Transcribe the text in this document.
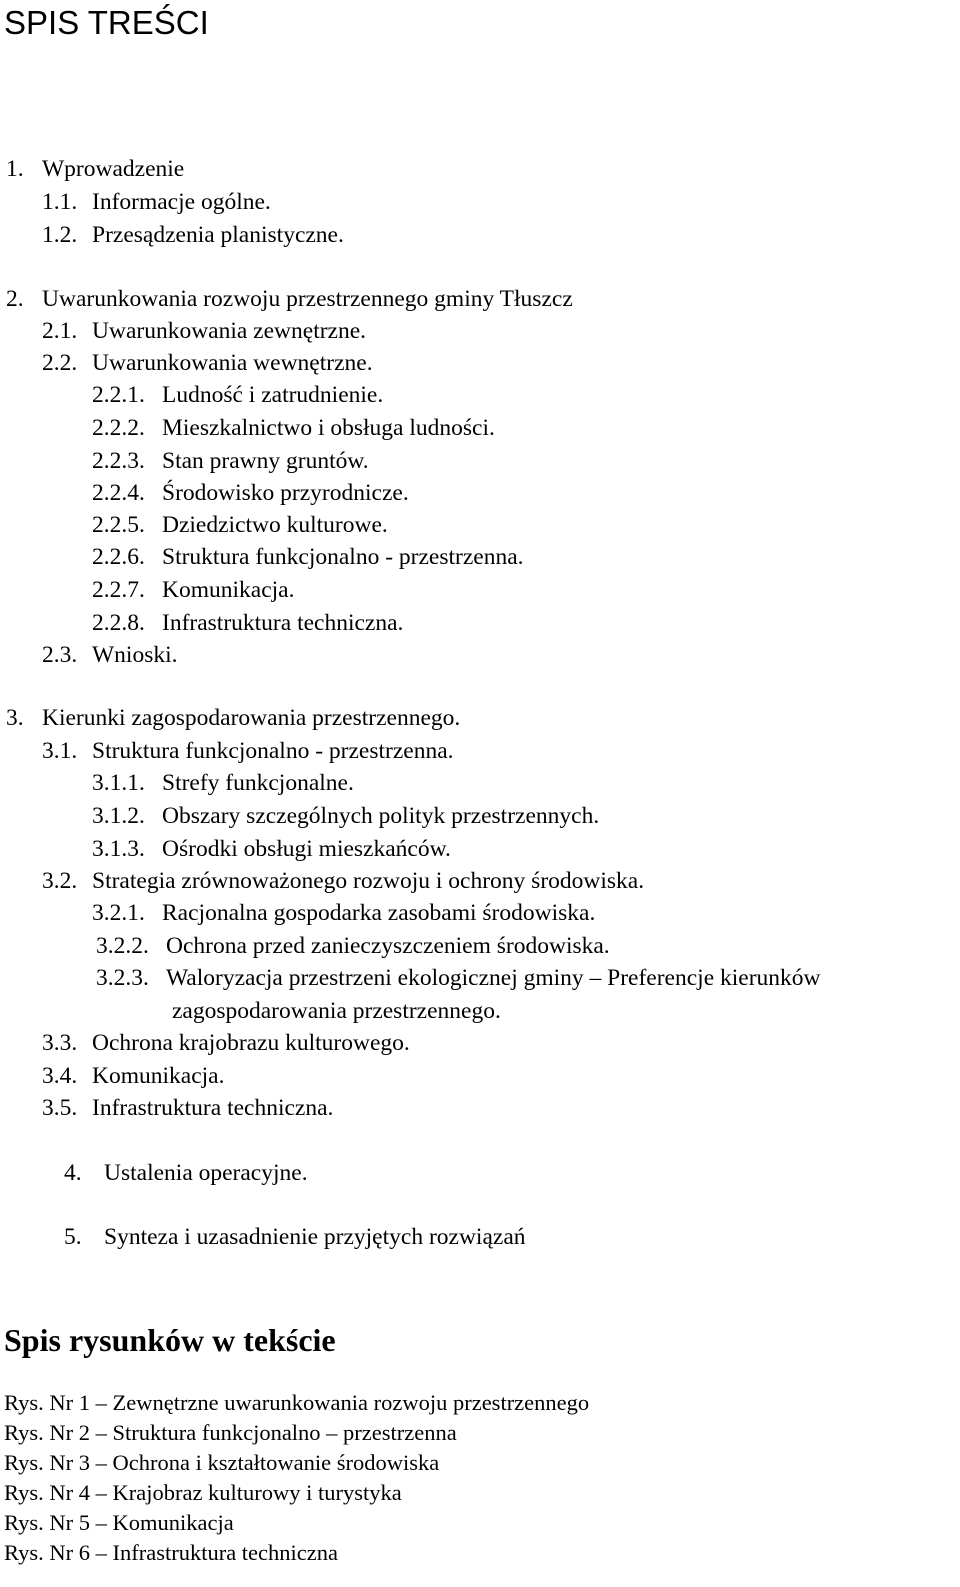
SPIS TREŚCI
1. Wprowadzenie
1.1. Informacje ogólne.
1.2. Przesądzenia planistyczne.
2. Uwarunkowania rozwoju przestrzennego gminy Tłuszcz
2.1. Uwarunkowania zewnętrzne.
2.2. Uwarunkowania wewnętrzne.
2.2.1. Ludność i zatrudnienie.
2.2.2. Mieszkalnictwo i obsługa ludności.
2.2.3. Stan prawny gruntów.
2.2.4. Środowisko przyrodnicze.
2.2.5. Dziedzictwo kulturowe.
2.2.6. Struktura funkcjonalno - przestrzenna.
2.2.7. Komunikacja.
2.2.8. Infrastruktura techniczna.
2.3. Wnioski.
3. Kierunki zagospodarowania przestrzennego.
3.1. Struktura funkcjonalno - przestrzenna.
3.1.1. Strefy funkcjonalne.
3.1.2. Obszary szczególnych polityk przestrzennych.
3.1.3. Ośrodki obsługi mieszkańców.
3.2. Strategia zrównoważonego rozwoju i ochrony środowiska.
3.2.1. Racjonalna gospodarka zasobami środowiska.
3.2.2. Ochrona przed zanieczyszczeniem środowiska.
3.2.3. Waloryzacja przestrzeni ekologicznej gminy – Preferencje kierunków
zagospodarowania przestrzennego.
3.3. Ochrona krajobrazu kulturowego.
3.4. Komunikacja.
3.5. Infrastruktura techniczna.
4. Ustalenia operacyjne.
5. Synteza i uzasadnienie przyjętych rozwiązań
Spis rysunków w tekście
Rys. Nr 1 – Zewnętrzne uwarunkowania rozwoju przestrzennego
Rys. Nr 2 – Struktura funkcjonalno – przestrzenna
Rys. Nr 3 – Ochrona i kształtowanie środowiska
Rys. Nr 4 – Krajobraz kulturowy i turystyka
Rys. Nr 5 – Komunikacja
Rys. Nr 6 – Infrastruktura techniczna
